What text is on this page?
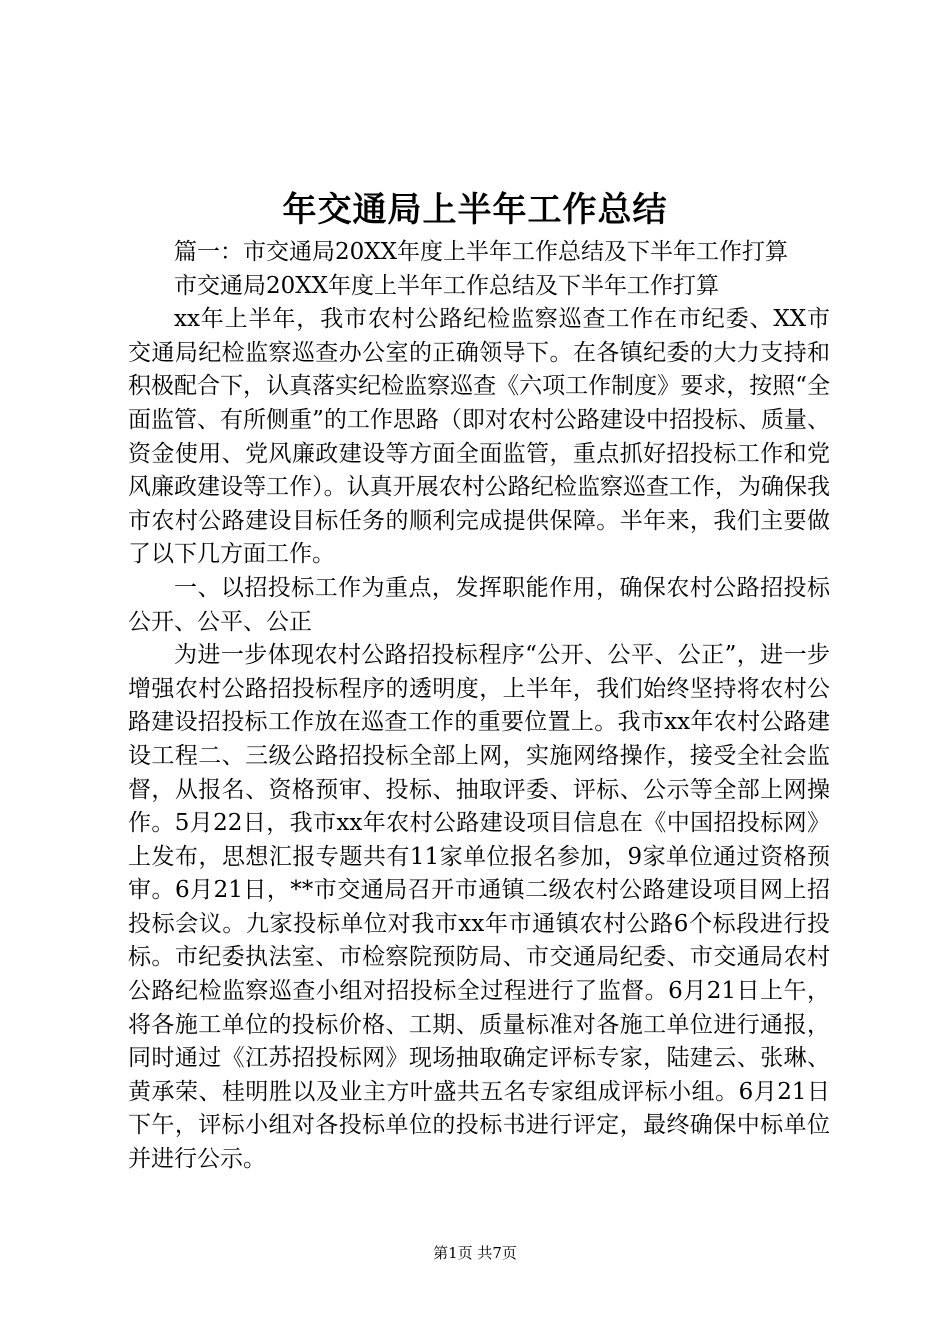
年交通局上半年工作总结

篇一：市交通局20XX年度上半年工作总结及下半年工作打算

市交通局20XX年度上半年工作总结及下半年工作打算

xx年上半年，我市农村公路纪检监察巡查工作在市纪委、XX市交通局纪检监察巡查办公室的正确领导下。在各镇纪委的大力支持和积极配合下，认真落实纪检监察巡查《六项工作制度》要求，按照“全面监管、有所侧重”的工作思路（即对农村公路建设中招投标、质量、资金使用、党风廉政建设等方面全面监管，重点抓好招投标工作和党风廉政建设等工作）。认真开展农村公路纪检监察巡查工作，为确保我市农村公路建设目标任务的顺利完成提供保障。半年来，我们主要做了以下几方面工作。

一、以招投标工作为重点，发挥职能作用，确保农村公路招投标公开、公平、公正

为进一步体现农村公路招投标程序“公开、公平、公正”，进一步增强农村公路招投标程序的透明度，上半年，我们始终坚持将农村公路建设招投标工作放在巡查工作的重要位置上。我市xx年农村公路建设工程二、三级公路招投标全部上网，实施网络操作，接受全社会监督，从报名、资格预审、投标、抽取评委、评标、公示等全部上网操作。5月22日，我市xx年农村公路建设项目信息在《中国招投标网》上发布，思想汇报专题共有11家单位报名参加，9家单位通过资格预审。6月21日，**市交通局召开市通镇二级农村公路建设项目网上招投标会议。九家投标单位对我市xx年市通镇农村公路6个标段进行投标。市纪委执法室、市检察院预防局、市交通局纪委、市交通局农村公路纪检监察巡查小组对招投标全过程进行了监督。6月21日上午，将各施工单位的投标价格、工期、质量标准对各施工单位进行通报，同时通过《江苏招投标网》现场抽取确定评标专家，陆建云、张琳、黄承荣、桂明胜以及业主方叶盛共五名专家组成评标小组。6月21日下午，评标小组对各投标单位的投标书进行评定，最终确保中标单位并进行公示。

第1页 共7页
